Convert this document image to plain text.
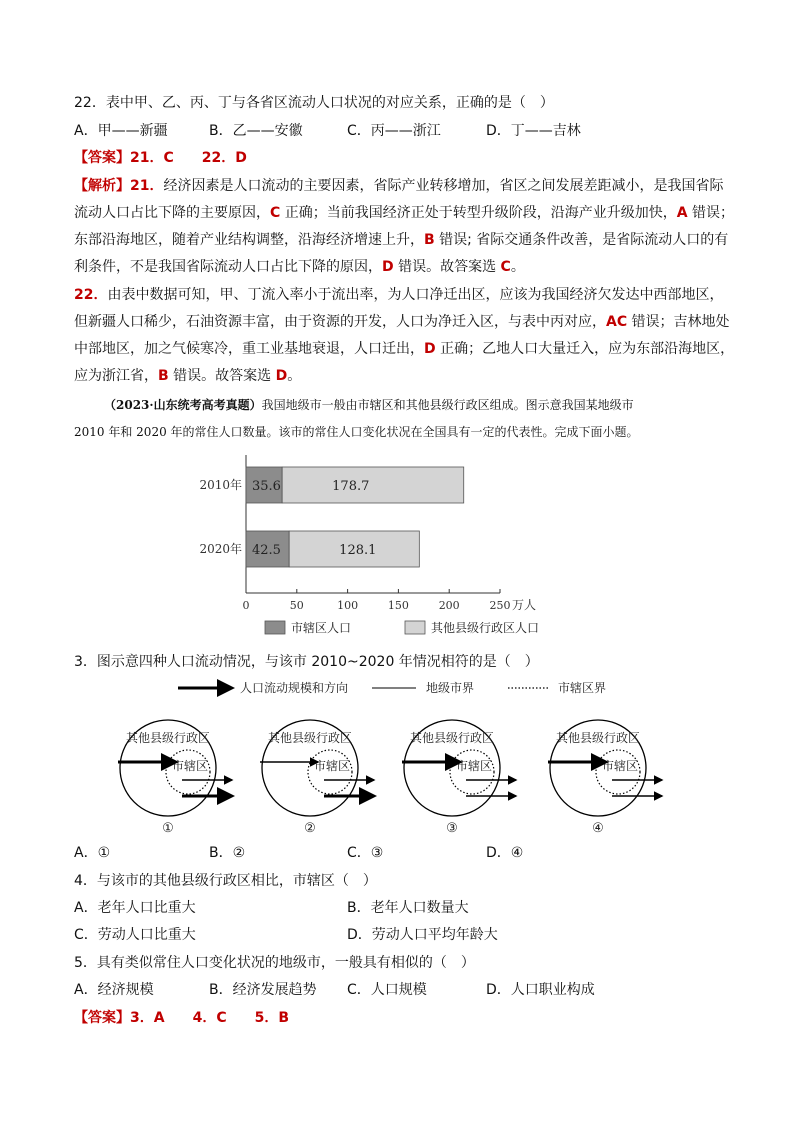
22．表中甲、乙、丙、丁与各省区流动人口状况的对应关系，正确的是（　）
A．甲——新疆	B．乙——安徽	C．丙——浙江	D．丁——吉林
【答案】21．C　　22．D
【解析】21．经济因素是人口流动的主要因素，省际产业转移增加，省区之间发展差距减小，是我国省际
流动人口占比下降的主要原因，C 正确；当前我国经济正处于转型升级阶段，沿海产业升级加快，A 错误；
东部沿海地区，随着产业结构调整，沿海经济增速上升，B 错误; 省际交通条件改善，是省际流动人口的有
利条件，不是我国省际流动人口占比下降的原因，D 错误。故答案选 C。
22．由表中数据可知，甲、丁流入率小于流出率，为人口净迁出区，应该为我国经济欠发达中西部地区，
但新疆人口稀少，石油资源丰富，由于资源的开发，人口为净迁入区，与表中丙对应，AC 错误；吉林地处
中部地区，加之气候寒冷，重工业基地衰退，人口迁出，D 正确；乙地人口大量迁入，应为东部沿海地区，
应为浙江省，B 错误。故答案选 D。
（2023·山东统考高考真题）我国地级市一般由市辖区和其他县级行政区组成。图示意我国某地级市
2010 年和 2020 年的常住人口数量。该市的常住人口变化状况在全国具有一定的代表性。完成下面小题。
0	50	100	150	200	250 万人
2010年 35.6	178.7
2020年 42.5	128.1
市辖区人口	其他县级行政区人口
3．图示意四种人口流动情况，与该市 2010~2020 年情况相符的是（　）
人口流动规模和方向	地级市界	市辖区界
其他县级行政区
市辖区
①
其他县级行政区
市辖区
②
其他县级行政区
市辖区
③
其他县级行政区
市辖区
④
A．①	B．②	C．③	D．④
4．与该市的其他县级行政区相比，市辖区（　）
A．老年人口比重大	B．老年人口数量大
C．劳动人口比重大	D．劳动人口平均年龄大
5．具有类似常住人口变化状况的地级市，一般具有相似的（　）
A．经济规模	B．经济发展趋势 C．人口规模	D．人口职业构成
【答案】3．A　　4．C　　5．B
